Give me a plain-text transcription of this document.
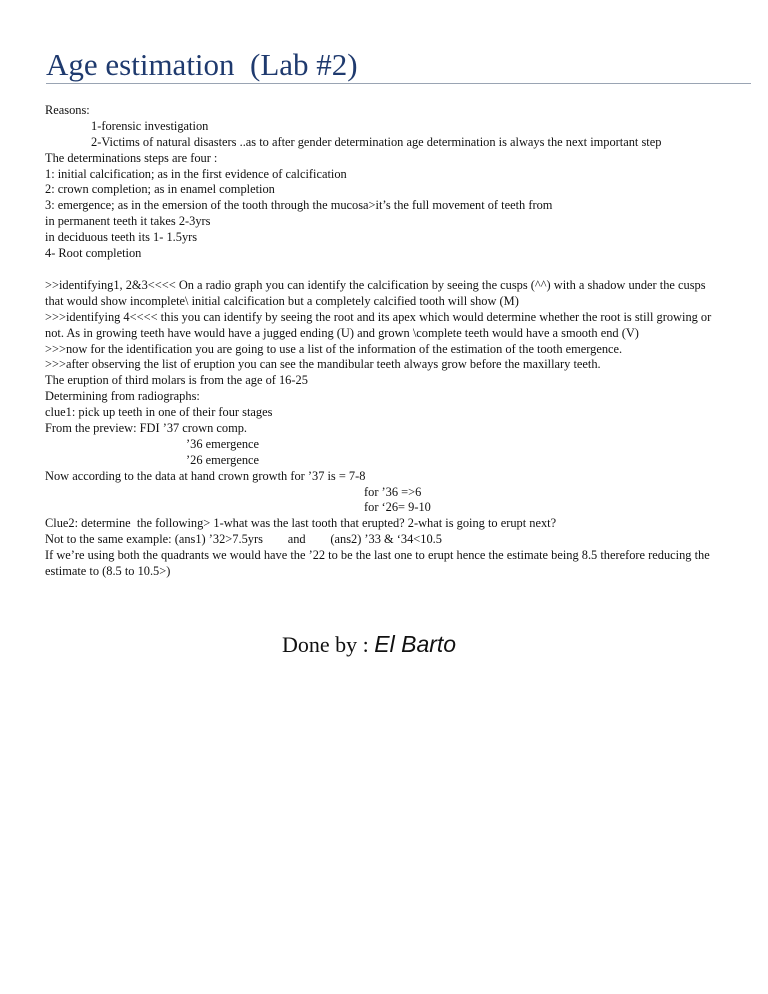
Age estimation  (Lab #2)
Reasons:
1-forensic investigation
2-Victims of natural disasters ..as to after gender determination age determination is always the next important step
The determinations steps are four :
1: initial calcification; as in the first evidence of calcification
2: crown completion; as in enamel completion
3: emergence; as in the emersion of the tooth through the mucosa>it’s the full movement of teeth from
in permanent teeth it takes 2-3yrs
in deciduous teeth its 1- 1.5yrs
4- Root completion
>>identifying1, 2&3<<<< On a radio graph you can identify the calcification by seeing the cusps (^^) with a shadow under the cusps that would show incomplete\ initial calcification but a completely calcified tooth will show (M)
>>>identifying 4<<<< this you can identify by seeing the root and its apex which would determine whether the root is still growing or not. As in growing teeth have would have a jugged ending (U) and grown \complete teeth would have a smooth end (V)
>>>now for the identification you are going to use a list of the information of the estimation of the tooth emergence.
>>>after observing the list of eruption you can see the mandibular teeth always grow before the maxillary teeth.
The eruption of third molars is from the age of 16-25
Determining from radiographs:
clue1: pick up teeth in one of their four stages
From the preview: FDI ’37 crown comp.
’36 emergence
’26 emergence
Now according to the data at hand crown growth for ’37 is = 7-8
for ’36 =>6
for ‘26= 9-10
Clue2: determine  the following> 1-what was the last tooth that erupted? 2-what is going to erupt next?
Not to the same example: (ans1) ’32>7.5yrs        and        (ans2) ’33 & ‘34<10.5
If we’re using both the quadrants we would have the ’22 to be the last one to erupt hence the estimate being 8.5 therefore reducing the estimate to (8.5 to 10.5>)
Done by : El Barto
